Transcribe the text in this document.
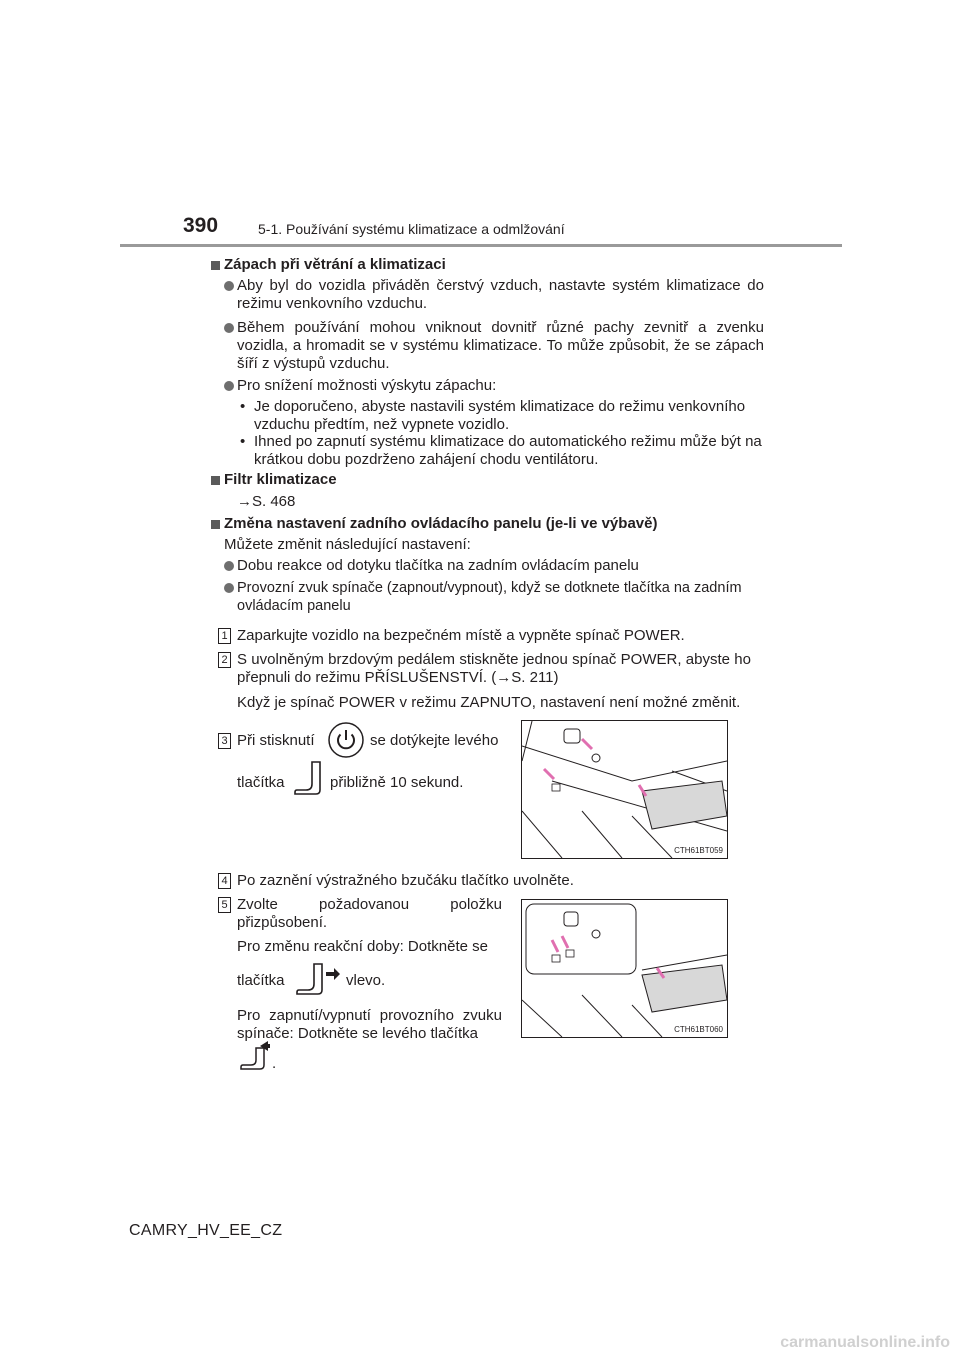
390	5-1. Používání systému klimatizace a odmlžování
Zápach při větrání a klimatizaci
Aby byl do vozidla přiváděn čerstvý vzduch, nastavte systém klimatizace do režimu venkovního vzduchu.
Během používání mohou vniknout dovnitř různé pachy zevnitř a zvenku vozidla, a hromadit se v systému klimatizace. To může způsobit, že se zápach šíří z výstupů vzduchu.
Pro snížení možnosti výskytu zápachu:
• Je doporučeno, abyste nastavili systém klimatizace do režimu venkovního vzduchu předtím, než vypnete vozidlo.
• Ihned po zapnutí systému klimatizace do automatického režimu může být na krátkou dobu pozdrženo zahájení chodu ventilátoru.
Filtr klimatizace
→S. 468
Změna nastavení zadního ovládacího panelu (je-li ve výbavě)
Můžete změnit následující nastavení:
Dobu reakce od dotyku tlačítka na zadním ovládacím panelu
Provozní zvuk spínače (zapnout/vypnout), když se dotknete tlačítka na zadním ovládacím panelu
1 Zaparkujte vozidlo na bezpečném místě a vypněte spínač POWER.
2 S uvolněným brzdovým pedálem stiskněte jednou spínač POWER, abyste ho přepnuli do režimu PŘÍSLUŠENSTVÍ. (→S. 211)
Když je spínač POWER v režimu ZAPNUTO, nastavení není možné změnit.
3 Při stisknutí	se dotýkejte levého
tlačítka	přibližně 10 sekund.
CTH61BT059
4 Po zaznění výstražného bzučáku tlačítko uvolněte.
5 Zvolte požadovanou položku přizpůsobení.
Pro změnu reakční doby: Dotkněte se
tlačítka	vlevo.
Pro zapnutí/vypnutí provozního zvuku spínače: Dotkněte se levého tlačítka
.
CTH61BT060
CAMRY_HV_EE_CZ
carmanualsonline.info
